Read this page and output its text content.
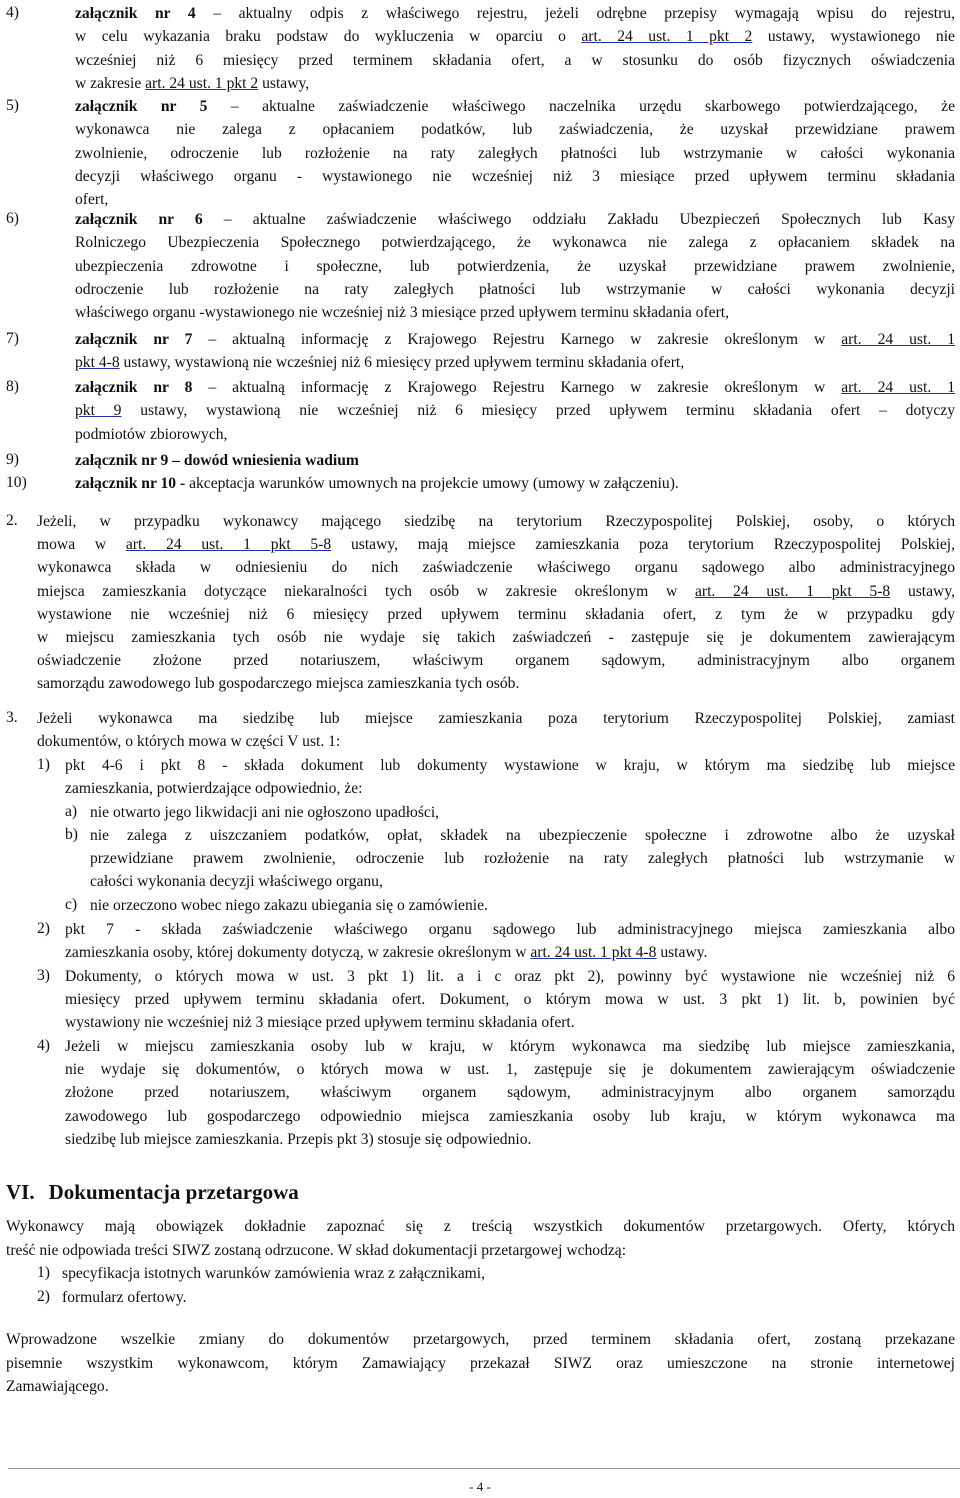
4)	załącznik nr 4 – aktualny odpis z właściwego rejestru, jeżeli odrębne przepisy wymagają wpisu do rejestru,
w celu wykazania braku podstaw do wykluczenia w oparciu o art. 24 ust. 1 pkt 2 ustawy, wystawionego nie
wcześniej niż 6 miesięcy przed terminem składania ofert, a w stosunku do osób fizycznych oświadczenia
w zakresie art. 24 ust. 1 pkt 2 ustawy,
5)	załącznik nr 5 – aktualne zaświadczenie właściwego naczelnika urzędu skarbowego potwierdzającego, że
wykonawca nie zalega z opłacaniem podatków, lub zaświadczenia, że uzyskał przewidziane prawem
zwolnienie, odroczenie lub rozłożenie na raty zaległych płatności lub wstrzymanie w całości wykonania
decyzji właściwego organu - wystawionego nie wcześniej niż 3 miesiące przed upływem terminu składania
ofert,
6)	załącznik nr 6 – aktualne zaświadczenie właściwego oddziału Zakładu Ubezpieczeń Społecznych lub Kasy
Rolniczego Ubezpieczenia Społecznego potwierdzającego, że wykonawca nie zalega z opłacaniem składek na
ubezpieczenia zdrowotne i społeczne, lub potwierdzenia, że uzyskał przewidziane prawem zwolnienie,
odroczenie lub rozłożenie na raty zaległych płatności lub wstrzymanie w całości wykonania decyzji
właściwego organu -wystawionego nie wcześniej niż 3 miesiące przed upływem terminu składania ofert,
7)	załącznik nr 7 – aktualną informację z Krajowego Rejestru Karnego w zakresie określonym w art. 24 ust. 1
pkt 4-8 ustawy, wystawioną nie wcześniej niż 6 miesięcy przed upływem terminu składania ofert,
8)	załącznik nr 8 – aktualną informację z Krajowego Rejestru Karnego w zakresie określonym w art. 24 ust. 1
pkt 9 ustawy, wystawioną nie wcześniej niż 6 miesięcy przed upływem terminu składania ofert – dotyczy
podmiotów zbiorowych,
9)	załącznik nr 9 – dowód wniesienia wadium
10)	załącznik nr 10 - akceptacja warunków umownych na projekcie umowy (umowy w załączeniu).
2. Jeżeli, w przypadku wykonawcy mającego siedzibę na terytorium Rzeczypospolitej Polskiej, osoby, o których
mowa w art. 24 ust. 1 pkt 5-8 ustawy, mają miejsce zamieszkania poza terytorium Rzeczypospolitej Polskiej,
wykonawca składa w odniesieniu do nich zaświadczenie właściwego organu sądowego albo administracyjnego
miejsca zamieszkania dotyczące niekaralności tych osób w zakresie określonym w art. 24 ust. 1 pkt 5-8 ustawy,
wystawione nie wcześniej niż 6 miesięcy przed upływem terminu składania ofert, z tym że w przypadku gdy
w miejscu zamieszkania tych osób nie wydaje się takich zaświadczeń - zastępuje się je dokumentem zawierającym
oświadczenie złożone przed notariuszem, właściwym organem sądowym, administracyjnym albo organem
samorządu zawodowego lub gospodarczego miejsca zamieszkania tych osób.
3. Jeżeli wykonawca ma siedzibę lub miejsce zamieszkania poza terytorium Rzeczypospolitej Polskiej, zamiast
dokumentów, o których mowa w części V ust. 1:
1) pkt 4-6 i pkt 8 - składa dokument lub dokumenty wystawione w kraju, w którym ma siedzibę lub miejsce
zamieszkania, potwierdzające odpowiednio, że:
a) nie otwarto jego likwidacji ani nie ogłoszono upadłości,
b) nie zalega z uiszczaniem podatków, opłat, składek na ubezpieczenie społeczne i zdrowotne albo że uzyskał
przewidziane prawem zwolnienie, odroczenie lub rozłożenie na raty zaległych płatności lub wstrzymanie w
całości wykonania decyzji właściwego organu,
c) nie orzeczono wobec niego zakazu ubiegania się o zamówienie.
2) pkt 7 - składa zaświadczenie właściwego organu sądowego lub administracyjnego miejsca zamieszkania albo
zamieszkania osoby, której dokumenty dotyczą, w zakresie określonym w art. 24 ust. 1 pkt 4-8 ustawy.
3) Dokumenty, o których mowa w ust. 3 pkt 1) lit. a i c oraz pkt 2), powinny być wystawione nie wcześniej niż 6
miesięcy przed upływem terminu składania ofert. Dokument, o którym mowa w ust. 3 pkt 1) lit. b, powinien być
wystawiony nie wcześniej niż 3 miesiące przed upływem terminu składania ofert.
4) Jeżeli w miejscu zamieszkania osoby lub w kraju, w którym wykonawca ma siedzibę lub miejsce zamieszkania,
nie wydaje się dokumentów, o których mowa w ust. 1, zastępuje się je dokumentem zawierającym oświadczenie
złożone przed notariuszem, właściwym organem sądowym, administracyjnym albo organem samorządu
zawodowego lub gospodarczego odpowiednio miejsca zamieszkania osoby lub kraju, w którym wykonawca ma
siedzibę lub miejsce zamieszkania. Przepis pkt 3) stosuje się odpowiednio.
Wykonawcy mają obowiązek dokładnie zapoznać się z treścią wszystkich dokumentów przetargowych. Oferty, których
treść nie odpowiada treści SIWZ zostaną odrzucone. W skład dokumentacji przetargowej wchodzą:
1) specyfikacja istotnych warunków zamówienia wraz z załącznikami,
2) formularz ofertowy.
Wprowadzone wszelkie zmiany do dokumentów przetargowych, przed terminem składania ofert, zostaną przekazane
pisemnie wszystkim wykonawcom, którym Zamawiający przekazał SIWZ oraz umieszczone na stronie internetowej
Zamawiającego.
VI. Dokumentacja przetargowa
- 4 -
